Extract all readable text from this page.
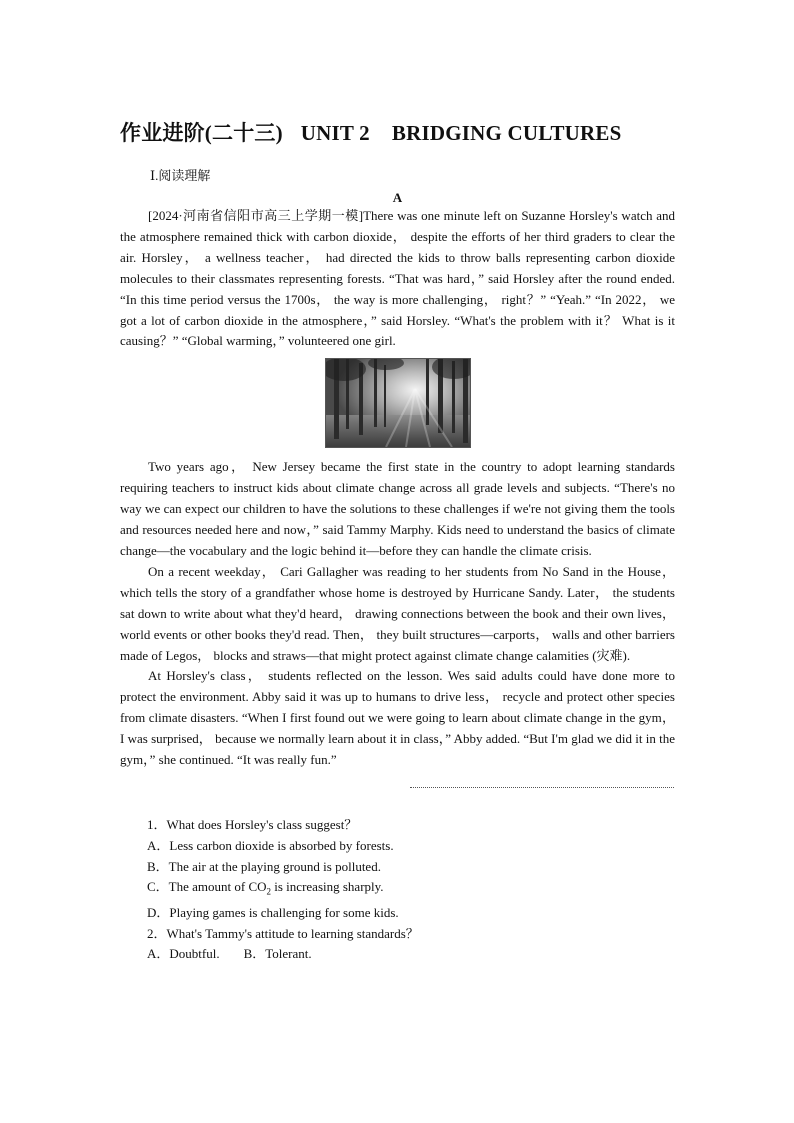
作业进阶(二十三) UNIT 2 BRIDGING CULTURES
Ⅰ.阅读理解
A

[2024·河南省信阳市高三上学期一模]There was one minute left on Suzanne Horsley's watch and the atmosphere remained thick with carbon dioxide， despite the efforts of her third graders to clear the air. Horsley， a wellness teacher， had directed the kids to throw balls representing carbon dioxide molecules to their classmates representing forests. “That was hard，” said Horsley after the round ended. “In this time period versus the 1700s， the way is more challenging， right？” “Yeah.” “In 2022， we got a lot of carbon dioxide in the atmosphere，” said Horsley. “What's the problem with it？ What is it causing？” “Global warming，” volunteered one girl.

Two years ago， New Jersey became the first state in the country to adopt learning standards requiring teachers to instruct kids about climate change across all grade levels and subjects. “There's no way we can expect our children to have the solutions to these challenges if we're not giving them the tools and resources needed here and now，” said Tammy Marphy. Kids need to understand the basics of climate change—the vocabulary and the logic behind it—before they can handle the climate crisis.

On a recent weekday， Cari Gallagher was reading to her students from No Sand in the House， which tells the story of a grandfather whose home is destroyed by Hurricane Sandy. Later， the students sat down to write about what they'd heard， drawing connections between the book and their own lives， world events or other books they'd read. Then， they built structures—carports， walls and other barriers made of Legos， blocks and straws—that might protect against climate change calamities (灾难).

At Horsley's class， students reflected on the lesson. Wes said adults could have done more to protect the environment. Abby said it was up to humans to drive less， recycle and protect other species from climate disasters. “When I first found out we were going to learn about climate change in the gym， I was surprised， because we normally learn about it in class，” Abby added. “But I'm glad we did it in the gym，” she continued. “It was really fun.”

1．What does Horsley's class suggest？
A．Less carbon dioxide is absorbed by forests.
B．The air at the playing ground is polluted.
C．The amount of $CO_2$ is increasing sharply.
D．Playing games is challenging for some kids.
2．What's Tammy's attitude to learning standards？
A．Doubtful. B．Tolerant.
